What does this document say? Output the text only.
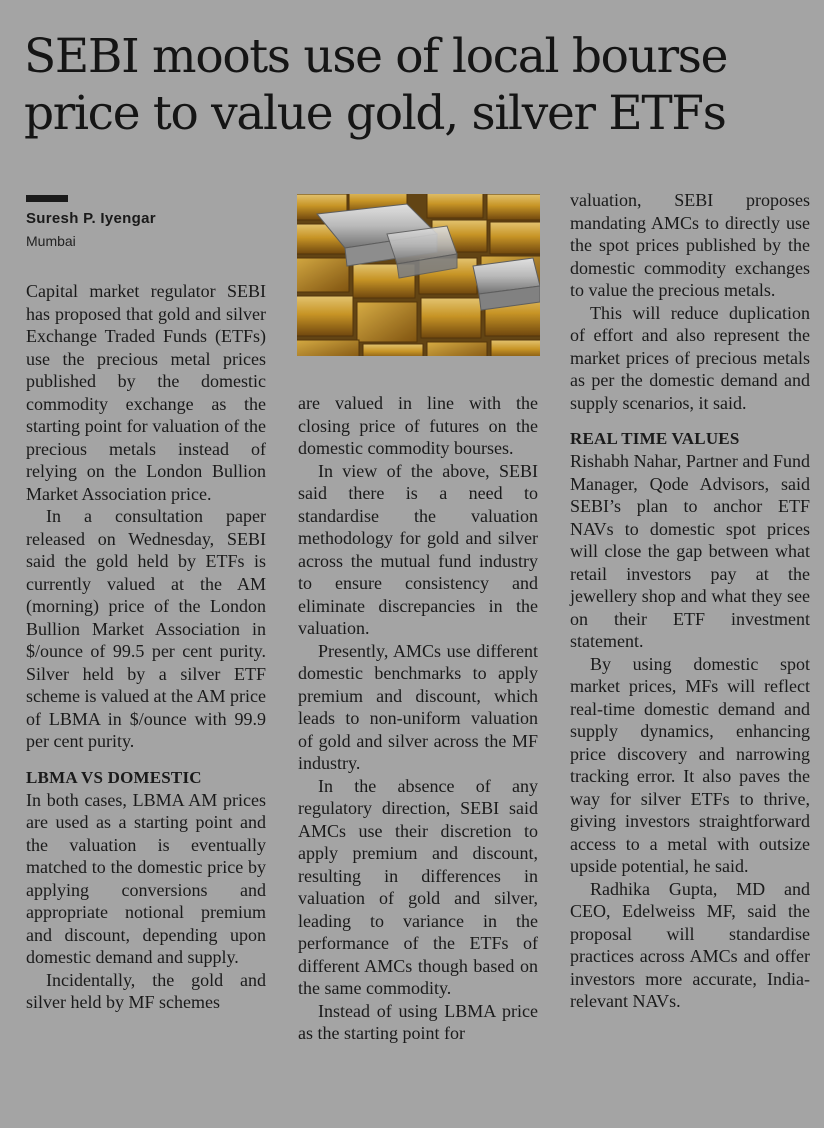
SEBI moots use of local bourse
price to value gold, silver ETFs
Suresh P. Iyengar
Mumbai

Capital market regulator SEBI has proposed that gold and silver Exchange Traded Funds (ETFs) use the precious metal prices published by the domestic commodity exchange as the starting point for valuation of the precious metals instead of relying on the London Bullion Market Association price.

In a consultation paper released on Wednesday, SEBI said the gold held by ETFs is currently valued at the AM (morning) price of the London Bullion Market Association in $/ounce of 99.5 per cent purity. Silver held by a silver ETF scheme is valued at the AM price of LBMA in $/ounce with 99.9 per cent purity.

LBMA VS DOMESTIC

In both cases, LBMA AM prices are used as a starting point and the valuation is eventually matched to the domestic price by applying conversions and appropriate notional premium and discount, depending upon domestic demand and supply.

Incidentally, the gold and silver held by MF schemes

are valued in line with the closing price of futures on the domestic commodity bourses.

In view of the above, SEBI said there is a need to standardise the valuation methodology for gold and silver across the mutual fund industry to ensure consistency and eliminate discrepancies in the valuation.

Presently, AMCs use different domestic benchmarks to apply premium and discount, which leads to non-uniform valuation of gold and silver across the MF industry.

In the absence of any regulatory direction, SEBI said AMCs use their discretion to apply premium and discount, resulting in differences in valuation of gold and silver, leading to variance in the performance of the ETFs of different AMCs though based on the same commodity.

Instead of using LBMA price as the starting point for

valuation, SEBI proposes mandating AMCs to directly use the spot prices published by the domestic commodity exchanges to value the precious metals.

This will reduce duplication of effort and also represent the market prices of precious metals as per the domestic demand and supply scenarios, it said.

REAL TIME VALUES

Rishabh Nahar, Partner and Fund Manager, Qode Advisors, said SEBI’s plan to anchor ETF NAVs to domestic spot prices will close the gap between what retail investors pay at the jewellery shop and what they see on their ETF investment statement.

By using domestic spot market prices, MFs will reflect real-time domestic demand and supply dynamics, enhancing price discovery and narrowing tracking error. It also paves the way for silver ETFs to thrive, giving investors straightforward access to a metal with outsize upside potential, he said.

Radhika Gupta, MD and CEO, Edelweiss MF, said the proposal will standardise practices across AMCs and offer investors more accurate, India-relevant NAVs.
